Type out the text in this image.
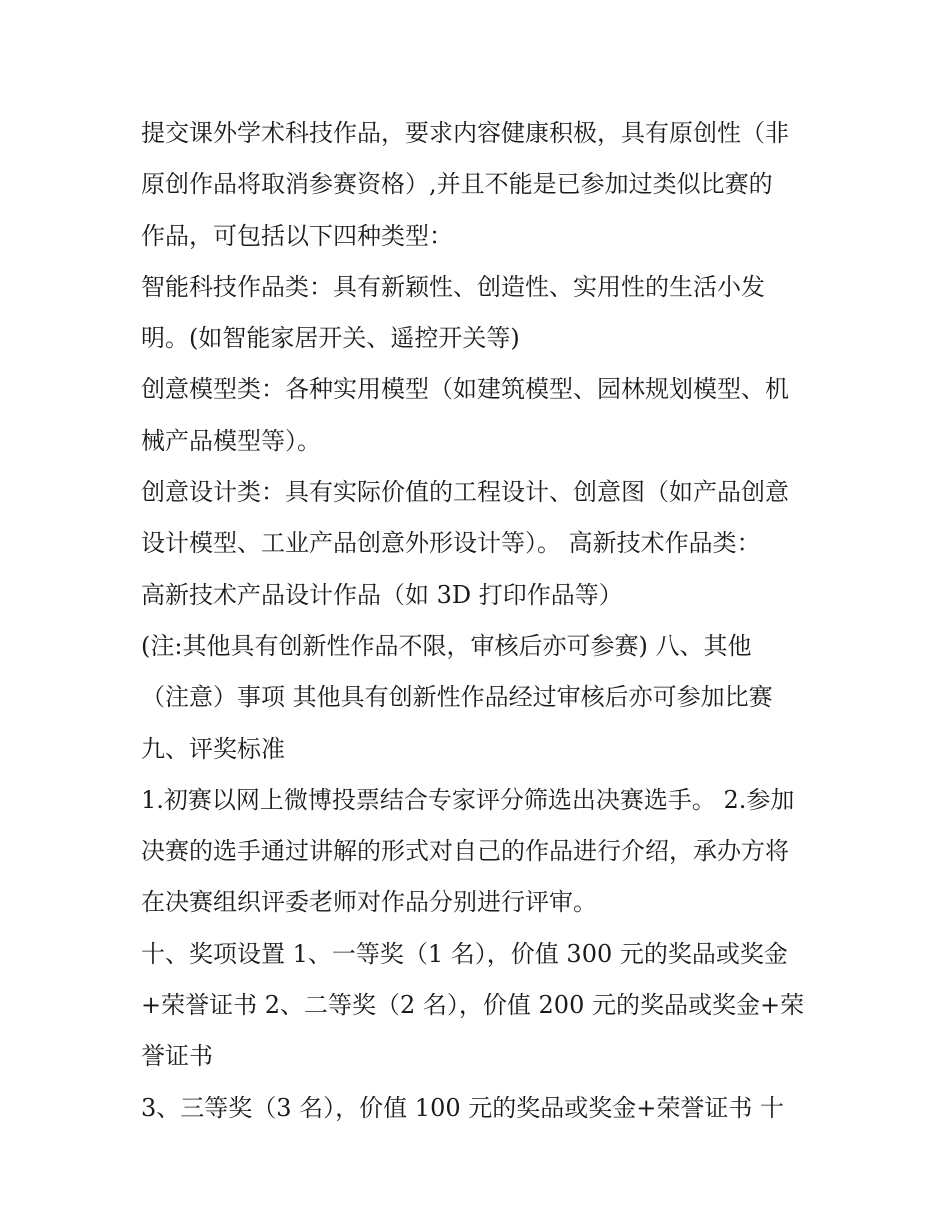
提交课外学术科技作品，要求内容健康积极，具有原创性（非
原创作品将取消参赛资格）,并且不能是已参加过类似比赛的
作品，可包括以下四种类型：
智能科技作品类：具有新颖性、创造性、实用性的生活小发
明。(如智能家居开关、遥控开关等)
创意模型类：各种实用模型（如建筑模型、园林规划模型、机
械产品模型等）。
创意设计类：具有实际价值的工程设计、创意图（如产品创意
设计模型、工业产品创意外形设计等）。 高新技术作品类：
高新技术产品设计作品（如 3D 打印作品等）
(注:其他具有创新性作品不限，审核后亦可参赛) 八、其他
（注意）事项 其他具有创新性作品经过审核后亦可参加比赛
九、评奖标准
1.初赛以网上微博投票结合专家评分筛选出决赛选手。 2.参加
决赛的选手通过讲解的形式对自己的作品进行介绍，承办方将
在决赛组织评委老师对作品分别进行评审。
十、奖项设置 1、一等奖（1 名），价值 300 元的奖品或奖金
+荣誉证书 2、二等奖（2 名），价值 200 元的奖品或奖金+荣
誉证书
3、三等奖（3 名），价值 100 元的奖品或奖金+荣誉证书 十
